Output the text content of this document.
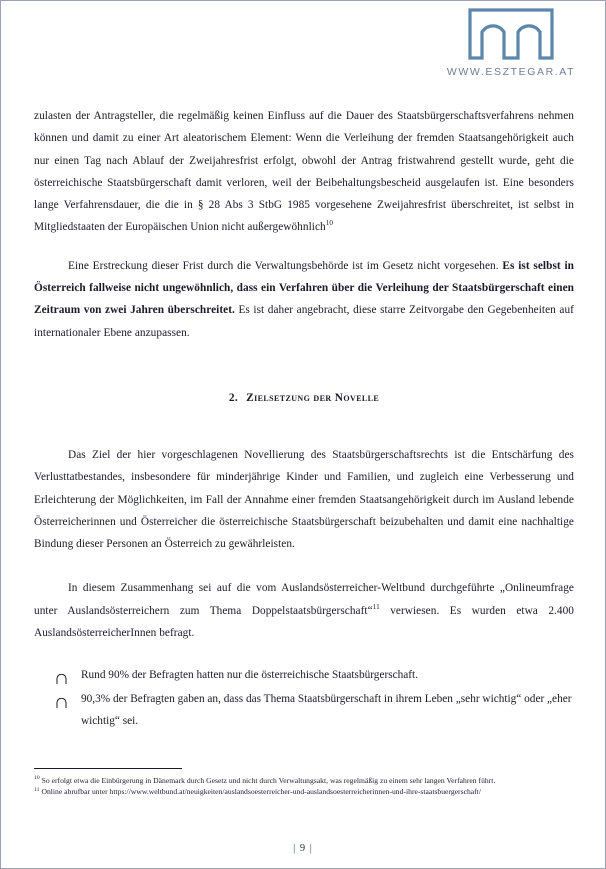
WWW.ESZTEGAR.AT

zulasten der Antragsteller, die regelmäßig keinen Einfluss auf die Dauer des Staatsbürgerschaftsverfahrens nehmen können und damit zu einer Art aleatorischem Element: Wenn die Verleihung der fremden Staatsangehörigkeit auch nur einen Tag nach Ablauf der Zweijahresfrist erfolgt, obwohl der Antrag fristwahrend gestellt wurde, geht die österreichische Staatsbürgerschaft damit verloren, weil der Beibehaltungsbescheid ausgelaufen ist. Eine besonders lange Verfahrensdauer, die die in § 28 Abs 3 StbG 1985 vorgesehene Zweijahresfrist überschreitet, ist selbst in Mitgliedstaaten der Europäischen Union nicht außergewöhnlich$^{10}$

Eine Erstreckung dieser Frist durch die Verwaltungsbehörde ist im Gesetz nicht vorgesehen. Es ist selbst in Österreich fallweise nicht ungewöhnlich, dass ein Verfahren über die Verleihung der Staatsbürgerschaft einen Zeitraum von zwei Jahren überschreitet. Es ist daher angebracht, diese starre Zeitvorgabe den Gegebenheiten auf internationaler Ebene anzupassen.

2. Zielsetzung der Novelle

Das Ziel der hier vorgeschlagenen Novellierung des Staatsbürgerschaftsrechts ist die Entschärfung des Verlusttatbestandes, insbesondere für minderjährige Kinder und Familien, und zugleich eine Verbesserung und Erleichterung der Möglichkeiten, im Fall der Annahme einer fremden Staatsangehörigkeit durch im Ausland lebende Österreicherinnen und Österreicher die österreichische Staatsbürgerschaft beizubehalten und damit eine nachhaltige Bindung dieser Personen an Österreich zu gewährleisten.

In diesem Zusammenhang sei auf die vom Auslandsösterreicher-Weltbund durchgeführte „Onlineumfrage unter Auslandsösterreichern zum Thema Doppelstaatsbürgerschaft“$^{11}$ verwiesen. Es wurden etwa 2.400 AuslandsösterreicherInnen befragt.

Rund 90% der Befragten hatten nur die österreichische Staatsbürgerschaft.
90,3% der Befragten gaben an, dass das Thema Staatsbürgerschaft in ihrem Leben „sehr wichtig“ oder „eher wichtig“ sei.

$^{10}$ So erfolgt etwa die Einbürgerung in Dänemark durch Gesetz und nicht durch Verwaltungsakt, was regelmäßig zu einem sehr langen Verfahren führt.

$^{11}$ Online abrufbar unter https://www.weltbund.at/neuigkeiten/auslandsoesterreicher-und-auslandsoesterreicherinnen-und-ihre-staatsbuergerschaft/

| 9 |
